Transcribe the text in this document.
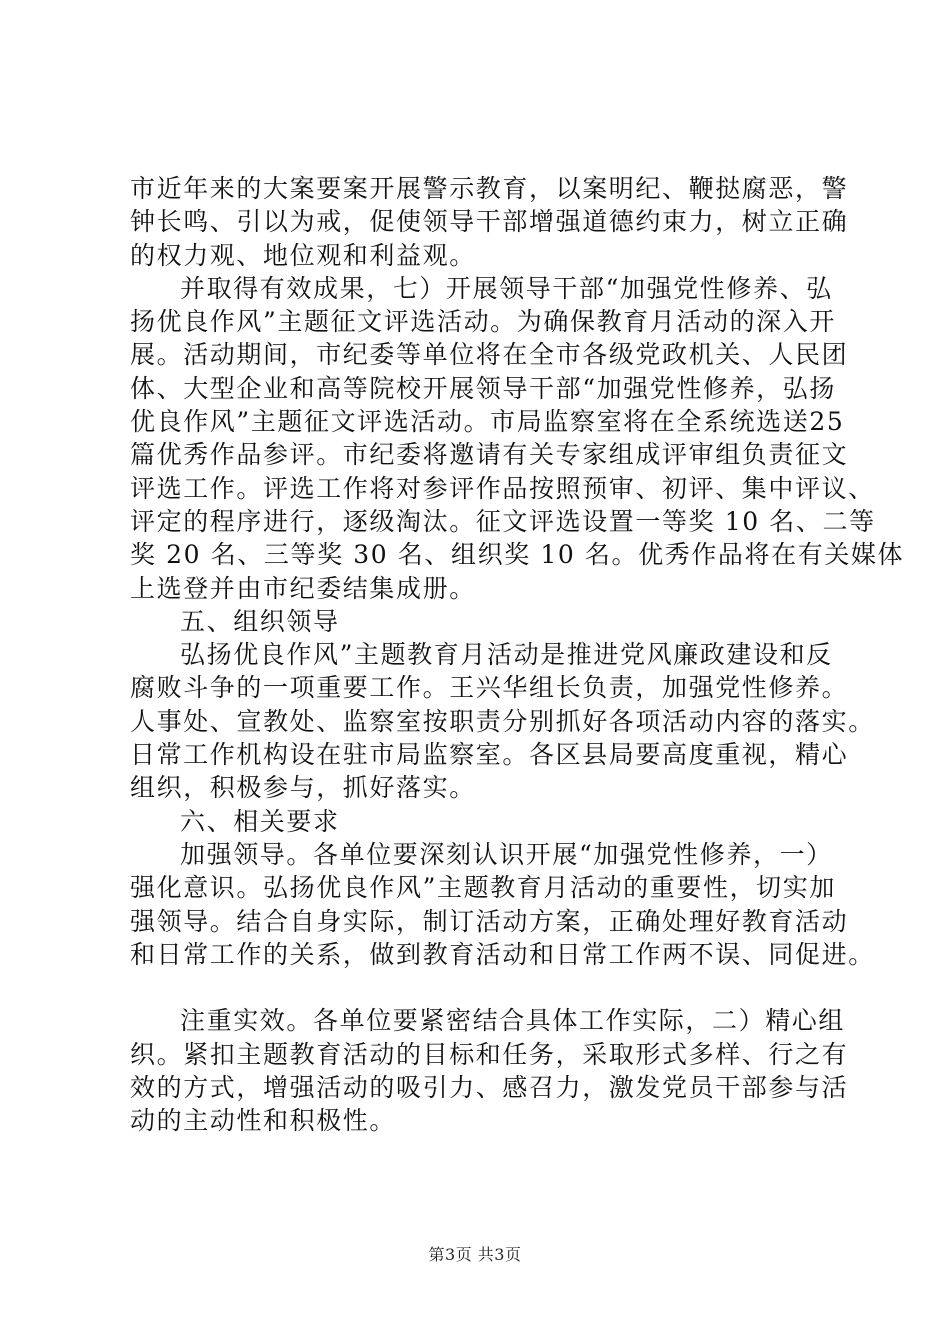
市近年来的大案要案开展警示教育，以案明纪、鞭挞腐恶，警
钟长鸣、引以为戒，促使领导干部增强道德约束力，树立正确
的权力观、地位观和利益观。
并取得有效成果，七）开展领导干部“加强党性修养、弘
扬优良作风”主题征文评选活动。为确保教育月活动的深入开
展。活动期间，市纪委等单位将在全市各级党政机关、人民团
体、大型企业和高等院校开展领导干部“加强党性修养，弘扬
优良作风”主题征文评选活动。市局监察室将在全系统选送25
篇优秀作品参评。市纪委将邀请有关专家组成评审组负责征文
评选工作。评选工作将对参评作品按照预审、初评、集中评议、
评定的程序进行，逐级淘汰。征文评选设置一等奖 10 名、二等
奖 20 名、三等奖 30 名、组织奖 10 名。优秀作品将在有关媒体
上选登并由市纪委结集成册。
五、组织领导
弘扬优良作风”主题教育月活动是推进党风廉政建设和反
腐败斗争的一项重要工作。王兴华组长负责，加强党性修养。
人事处、宣教处、监察室按职责分别抓好各项活动内容的落实。
日常工作机构设在驻市局监察室。各区县局要高度重视，精心
组织，积极参与，抓好落实。
六、相关要求
加强领导。各单位要深刻认识开展“加强党性修养，一）
强化意识。弘扬优良作风”主题教育月活动的重要性，切实加
强领导。结合自身实际，制订活动方案，正确处理好教育活动
和日常工作的关系，做到教育活动和日常工作两不误、同促进。
注重实效。各单位要紧密结合具体工作实际，二）精心组
织。紧扣主题教育活动的目标和任务，采取形式多样、行之有
效的方式，增强活动的吸引力、感召力，激发党员干部参与活
动的主动性和积极性。
第3页 共3页
